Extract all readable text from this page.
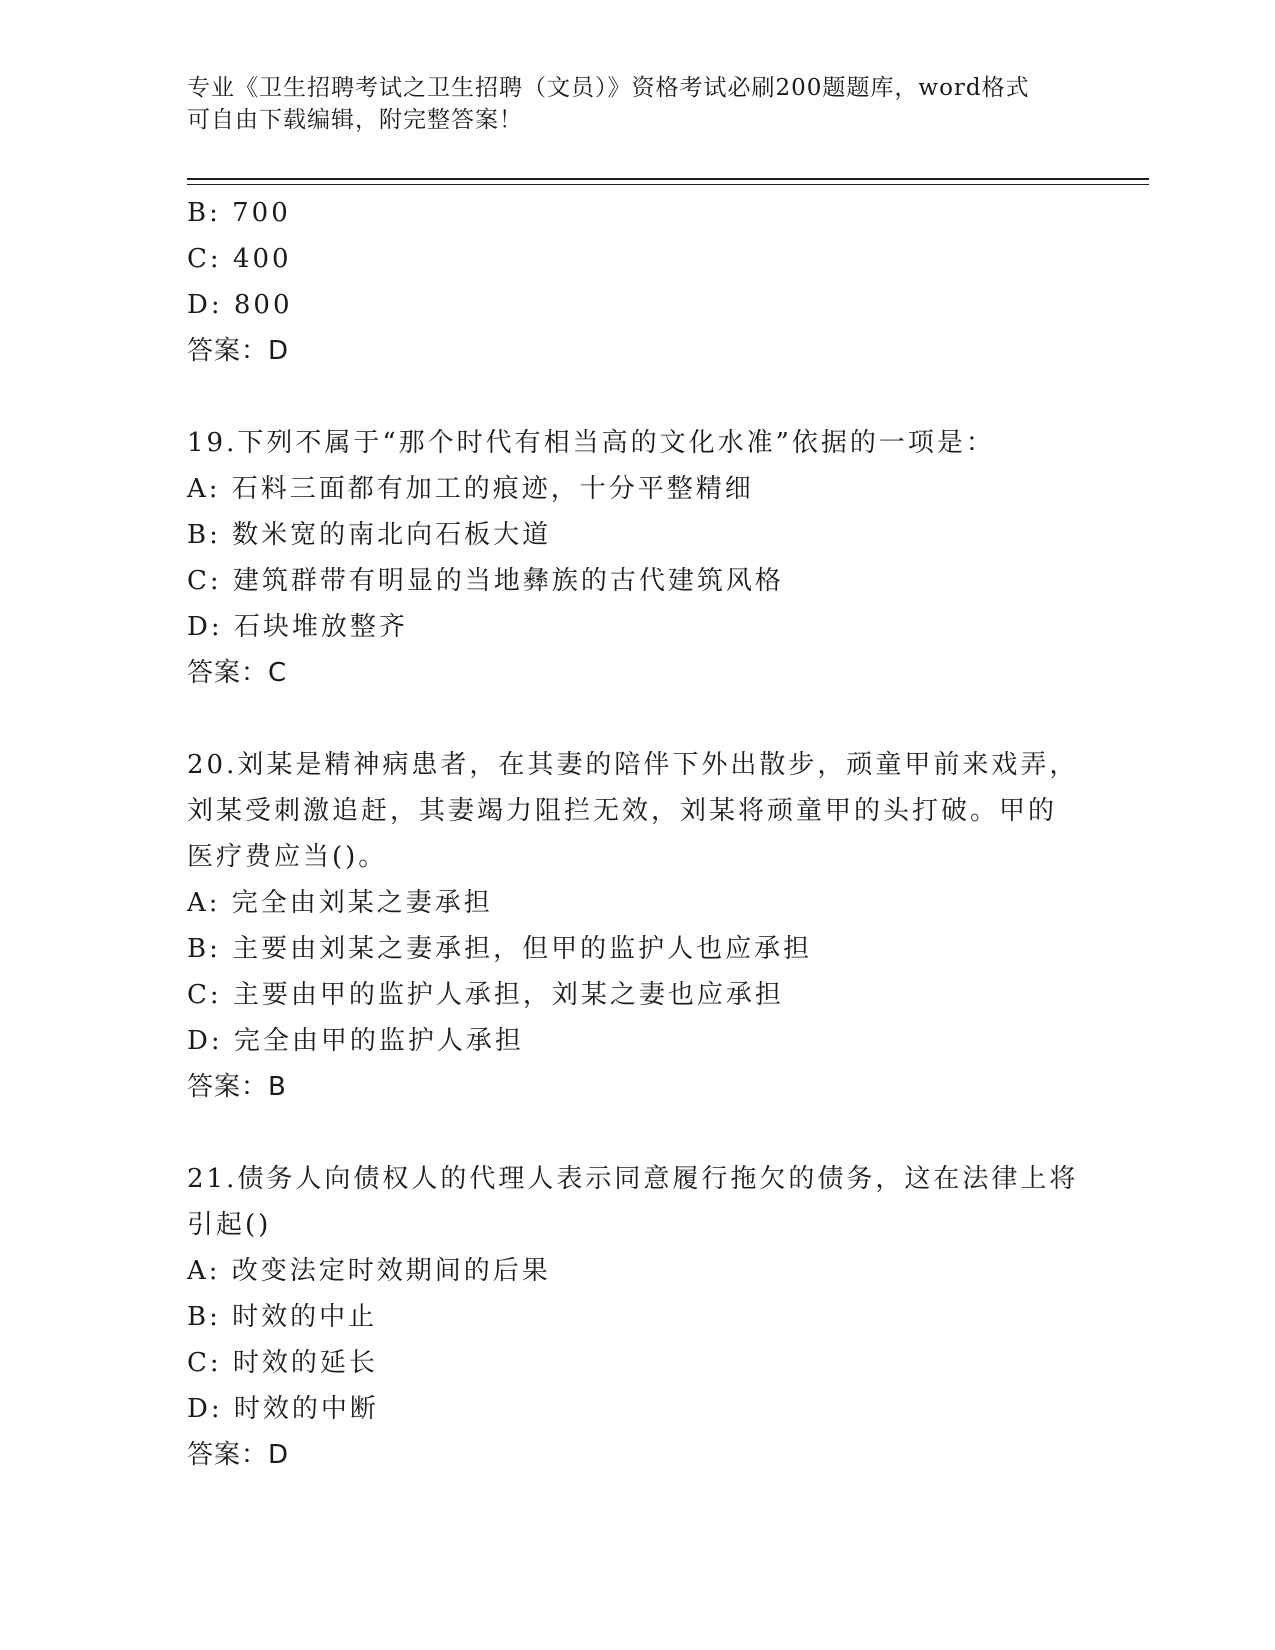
专业《卫生招聘考试之卫生招聘（文员）》资格考试必刷200题题库，word格式

可自由下载编辑，附完整答案！

B: 700
C: 400
D: 800
答案：D
19.下列不属于“那个时代有相当高的文化水准”依据的一项是：
A: 石料三面都有加工的痕迹，十分平整精细
B: 数米宽的南北向石板大道
C: 建筑群带有明显的当地彝族的古代建筑风格
D: 石块堆放整齐
答案：C
20.刘某是精神病患者，在其妻的陪伴下外出散步，顽童甲前来戏弄，
刘某受刺激追赶，其妻竭力阻拦无效，刘某将顽童甲的头打破。甲的
医疗费应当()。
A: 完全由刘某之妻承担
B: 主要由刘某之妻承担，但甲的监护人也应承担
C: 主要由甲的监护人承担，刘某之妻也应承担
D: 完全由甲的监护人承担
答案：B
21.债务人向债权人的代理人表示同意履行拖欠的债务，这在法律上将
引起()
A: 改变法定时效期间的后果
B: 时效的中止
C: 时效的延长
D: 时效的中断
答案：D
